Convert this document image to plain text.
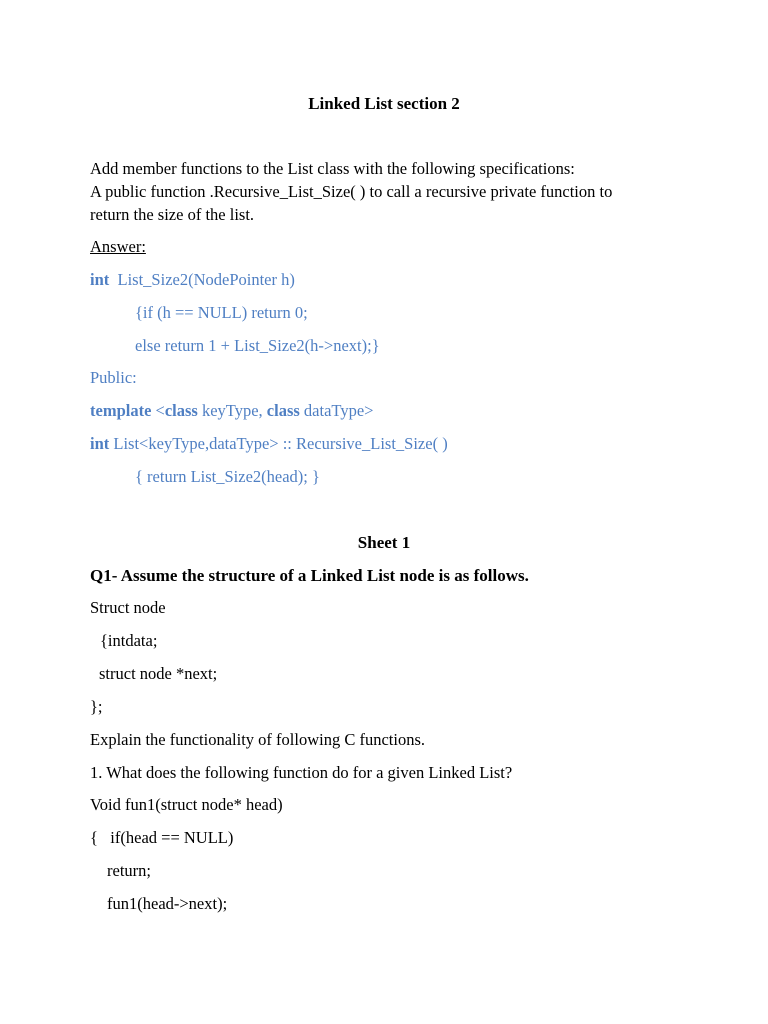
Linked List section 2
Add member functions to the List class with the following specifications:
A public function .Recursive_List_Size( ) to call a recursive private function to
return the size of the list.
Answer:
int List_Size2(NodePointer h)
{if (h == NULL) return 0;
else return 1 + List_Size2(h->next);}
Public:
template <class keyType, class dataType>
int List<keyType,dataType> :: Recursive_List_Size( )
{ return List_Size2(head); }
Sheet 1
Q1- Assume the structure of a Linked List node is as follows.
Struct node
{intdata;
struct node *next;
};
Explain the functionality of following C functions.
1. What does the following function do for a given Linked List?
Void fun1(struct node* head)
{ if(head == NULL)
return;
fun1(head->next);
